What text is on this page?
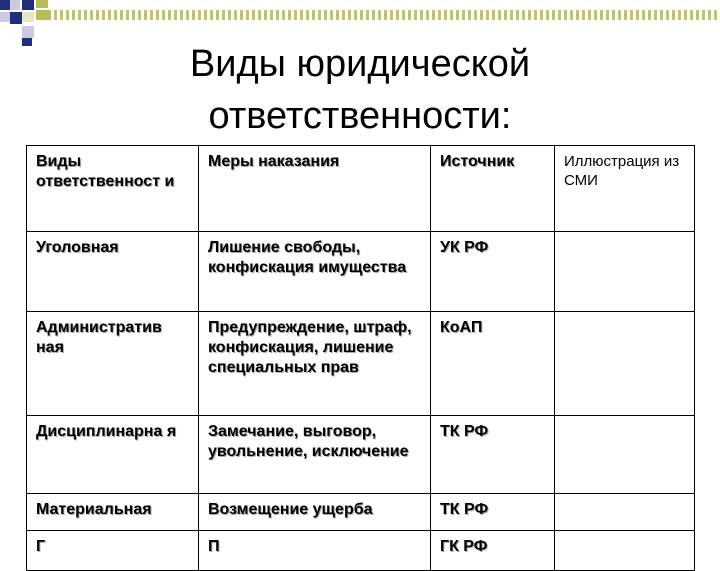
Виды юридической ответственности:
Виды ответственност и	Меры наказания	Источник	Иллюстрация из СМИ
Уголовная	Лишение свободы, конфискация имущества	УК РФ	
Административ ная	Предупреждение, штраф, конфискация, лишение специальных прав	КоАП	
Дисциплинарна я	Замечание, выговор, увольнение, исключение	ТК РФ	
Материальная	Возмещение ущерба	ТК РФ	
Г	П	ГК РФ	
